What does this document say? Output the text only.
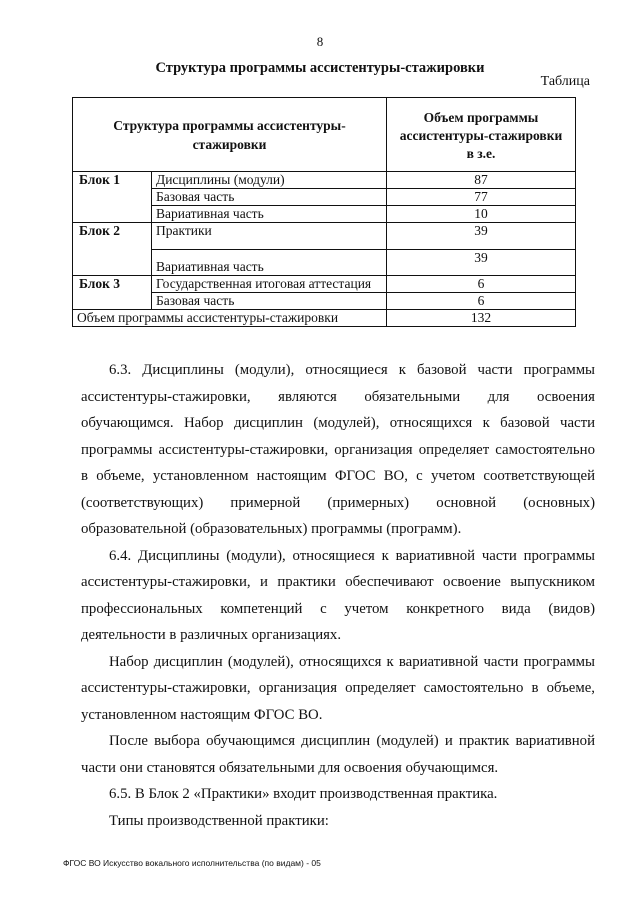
8
Структура программы ассистентуры-стажировки
Таблица
Структура программы ассистентуры-стажировки		Объем программы ассистентуры-стажировки в з.е.
Блок 1	Дисциплины (модули)	87
	Базовая часть	77
	Вариативная часть	10
Блок 2	Практики	39
	Вариативная часть	39
Блок 3	Государственная итоговая аттестация	6
	Базовая часть	6
Объем программы ассистентуры-стажировки		132

6.3. Дисциплины (модули), относящиеся к базовой части программы ассистентуры-стажировки, являются обязательными для освоения обучающимся. Набор дисциплин (модулей), относящихся к базовой части программы ассистентуры-стажировки, организация определяет самостоятельно в объеме, установленном настоящим ФГОС ВО, с учетом соответствующей (соответствующих) примерной (примерных) основной (основных) образовательной (образовательных) программы (программ).

6.4. Дисциплины (модули), относящиеся к вариативной части программы ассистентуры-стажировки, и практики обеспечивают освоение выпускником профессиональных компетенций с учетом конкретного вида (видов) деятельности в различных организациях.

Набор дисциплин (модулей), относящихся к вариативной части программы ассистентуры-стажировки, организация определяет самостоятельно в объеме, установленном настоящим ФГОС ВО.

После выбора обучающимся дисциплин (модулей) и практик вариативной части они становятся обязательными для освоения обучающимся.

6.5. В Блок 2 «Практики» входит производственная практика.

Типы производственной практики:

ФГОС ВО Искусство вокального исполнительства (по видам) - 05
